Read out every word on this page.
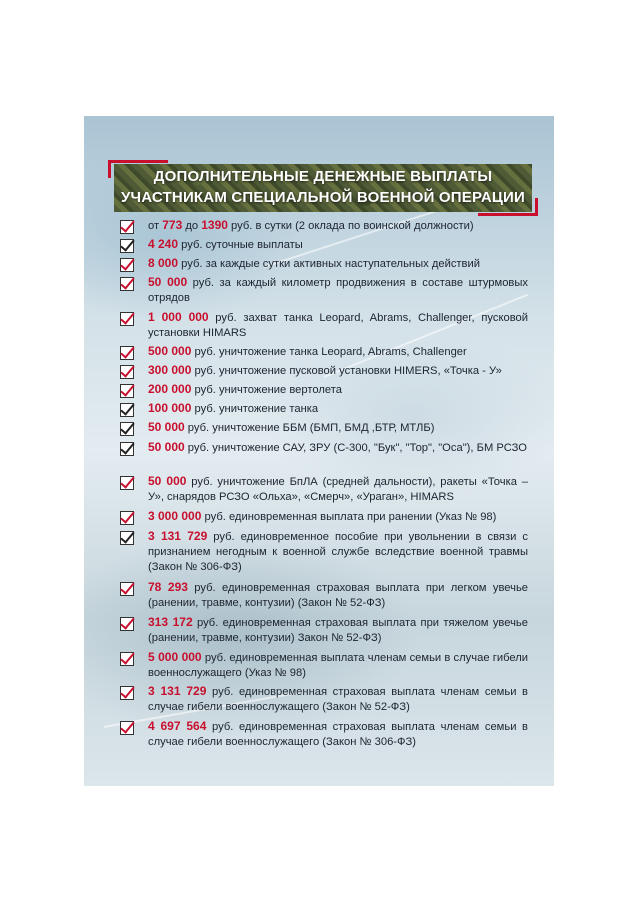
ДОПОЛНИТЕЛЬНЫЕ ДЕНЕЖНЫЕ ВЫПЛАТЫ
УЧАСТНИКАМ СПЕЦИАЛЬНОЙ ВОЕННОЙ ОПЕРАЦИИ
от 773 до 1390 руб. в сутки (2 оклада по воинской должности)
4 240 руб. суточные выплаты
8 000 руб. за каждые сутки активных наступательных действий
50 000 руб. за каждый километр продвижения в составе штурмовых отрядов
1 000 000 руб. захват танка Leopard, Abrams, Challenger, пусковой установки HIMARS
500 000 руб. уничтожение танка Leopard, Abrams, Challenger
300 000 руб. уничтожение пусковой установки HIMERS, «Точка - У»
200 000 руб. уничтожение вертолета
100 000 руб. уничтожение танка
50 000 руб. уничтожение ББМ (БМП, БМД ,БТР, МТЛБ)
50 000 руб. уничтожение САУ, ЗРУ (С-300, "Бук", "Тор", "Оса"), БМ РСЗО
50 000 руб. уничтожение БпЛА (средней дальности), ракеты «Точка – У», снарядов РСЗО «Ольха», «Смерч», «Ураган», HIMARS
3 000 000 руб. единовременная выплата при ранении (Указ № 98)
3 131 729 руб. единовременное пособие при увольнении в связи с признанием негодным к военной службе вследствие военной травмы (Закон № 306-ФЗ)
78 293 руб. единовременная страховая выплата при легком увечье (ранении, травме, контузии) (Закон № 52-ФЗ)
313 172 руб. единовременная страховая выплата при тяжелом увечье (ранении, травме, контузии) Закон № 52-ФЗ)
5 000 000 руб. единовременная выплата членам семьи в случае гибели военнослужащего (Указ № 98)
3 131 729 руб. единовременная страховая выплата членам семьи в случае гибели военнослужащего (Закон № 52-ФЗ)
4 697 564 руб. единовременная страховая выплата членам семьи в случае гибели военнослужащего (Закон № 306-ФЗ)
